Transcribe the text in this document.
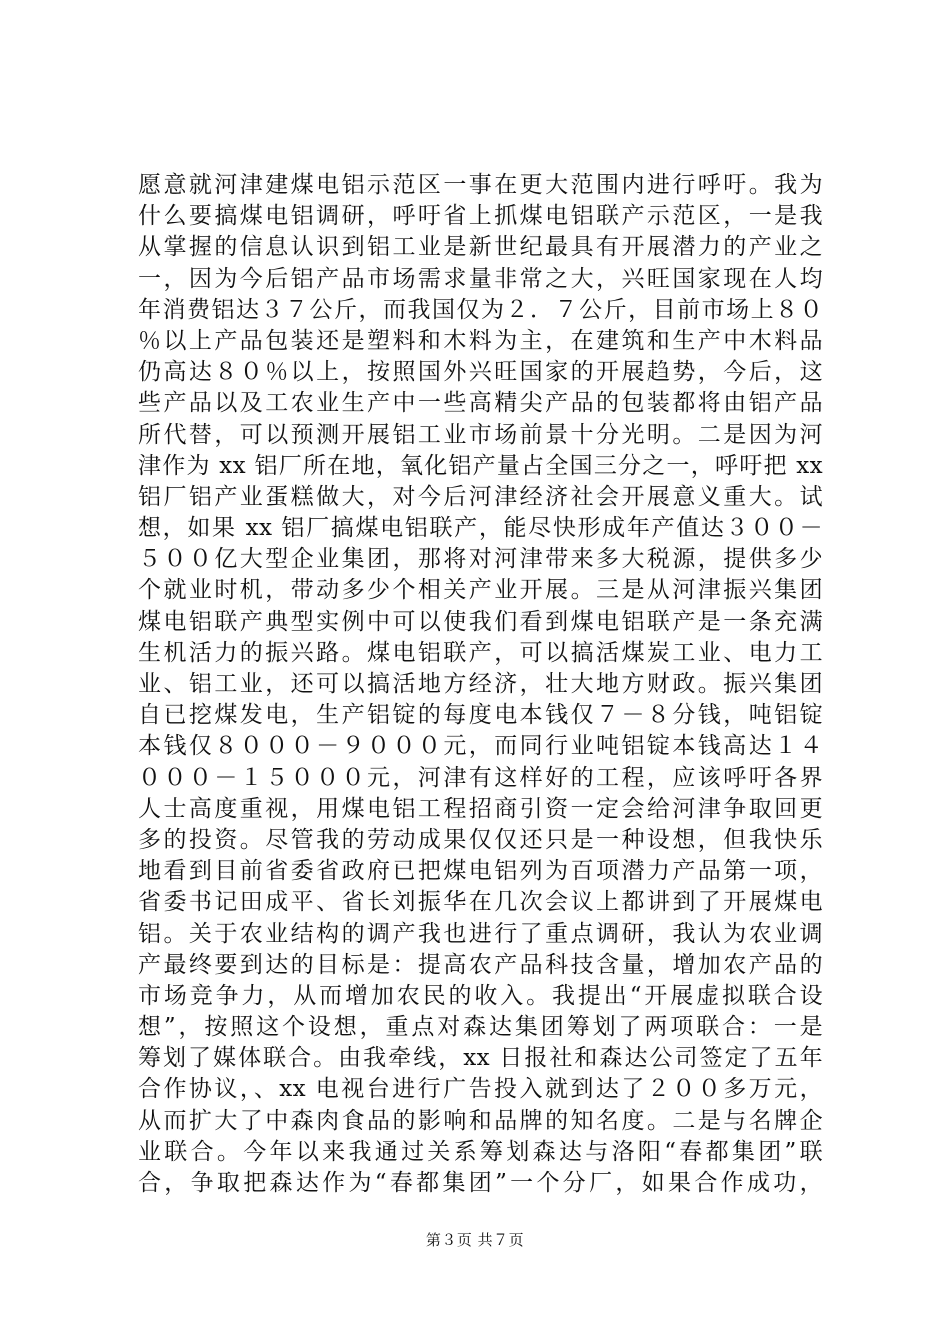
愿意就河津建煤电铝示范区一事在更大范围内进行呼吁。我为
什么要搞煤电铝调研，呼吁省上抓煤电铝联产示范区，一是我
从掌握的信息认识到铝工业是新世纪最具有开展潜力的产业之
一，因为今后铝产品市场需求量非常之大，兴旺国家现在人均
年消费铝达３７公斤，而我国仅为２．７公斤，目前市场上８０
％以上产品包装还是塑料和木料为主，在建筑和生产中木料品
仍高达８０％以上，按照国外兴旺国家的开展趋势，今后，这
些产品以及工农业生产中一些高精尖产品的包装都将由铝产品
所代替，可以预测开展铝工业市场前景十分光明。二是因为河
津作为 xx 铝厂所在地，氧化铝产量占全国三分之一，呼吁把 xx
铝厂铝产业蛋糕做大，对今后河津经济社会开展意义重大。试
想，如果 xx 铝厂搞煤电铝联产，能尽快形成年产值达３００－
５００亿大型企业集团，那将对河津带来多大税源，提供多少
个就业时机，带动多少个相关产业开展。三是从河津振兴集团
煤电铝联产典型实例中可以使我们看到煤电铝联产是一条充满
生机活力的振兴路。煤电铝联产，可以搞活煤炭工业、电力工
业、铝工业，还可以搞活地方经济，壮大地方财政。振兴集团
自已挖煤发电，生产铝锭的每度电本钱仅７－８分钱，吨铝锭
本钱仅８０００－９０００元，而同行业吨铝锭本钱高达１４
０００－１５０００元，河津有这样好的工程，应该呼吁各界
人士高度重视，用煤电铝工程招商引资一定会给河津争取回更
多的投资。尽管我的劳动成果仅仅还只是一种设想，但我快乐
地看到目前省委省政府已把煤电铝列为百项潜力产品第一项，
省委书记田成平、省长刘振华在几次会议上都讲到了开展煤电
铝。关于农业结构的调产我也进行了重点调研，我认为农业调
产最终要到达的目标是：提高农产品科技含量，增加农产品的
市场竞争力，从而增加农民的收入。我提出“开展虚拟联合设
想”，按照这个设想，重点对森达集团筹划了两项联合：一是
筹划了媒体联合。由我牵线，xx 日报社和森达公司签定了五年
合作协议，、xx 电视台进行广告投入就到达了２００多万元，
从而扩大了中森肉食品的影响和品牌的知名度。二是与名牌企
业联合。今年以来我通过关系筹划森达与洛阳“春都集团”联
合，争取把森达作为“春都集团”一个分厂，如果合作成功，
第３页 共７页
